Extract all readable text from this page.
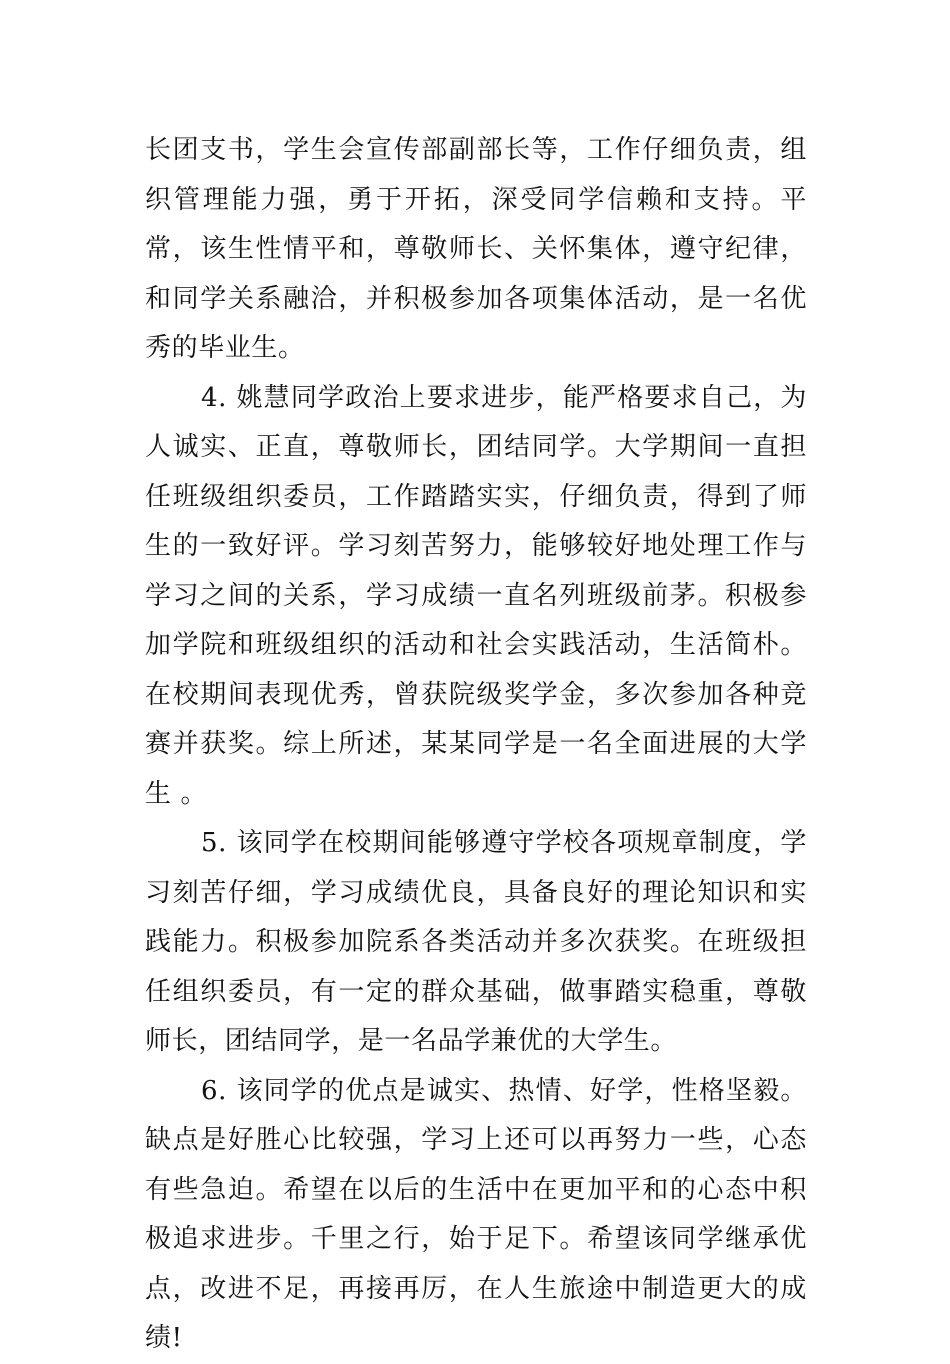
长团支书，学生会宣传部副部长等，工作仔细负责，组织管理能力强，勇于开拓，深受同学信赖和支持。平常，该生性情平和，尊敬师长、关怀集体，遵守纪律，和同学关系融洽，并积极参加各项集体活动，是一名优秀的毕业生。

4. 姚慧同学政治上要求进步，能严格要求自己，为人诚实、正直，尊敬师长，团结同学。大学期间一直担任班级组织委员，工作踏踏实实，仔细负责，得到了师生的一致好评。学习刻苦努力，能够较好地处理工作与学习之间的关系，学习成绩一直名列班级前茅。积极参加学院和班级组织的活动和社会实践活动，生活简朴。在校期间表现优秀，曾获院级奖学金，多次参加各种竞赛并获奖。综上所述，某某同学是一名全面进展的大学生 。

5. 该同学在校期间能够遵守学校各项规章制度，学习刻苦仔细，学习成绩优良，具备良好的理论知识和实践能力。积极参加院系各类活动并多次获奖。在班级担任组织委员，有一定的群众基础，做事踏实稳重，尊敬师长，团结同学，是一名品学兼优的大学生。

6. 该同学的优点是诚实、热情、好学，性格坚毅。缺点是好胜心比较强，学习上还可以再努力一些，心态有些急迫。希望在以后的生活中在更加平和的心态中积极追求进步。千里之行，始于足下。希望该同学继承优点，改进不足，再接再厉，在人生旅途中制造更大的成绩!
